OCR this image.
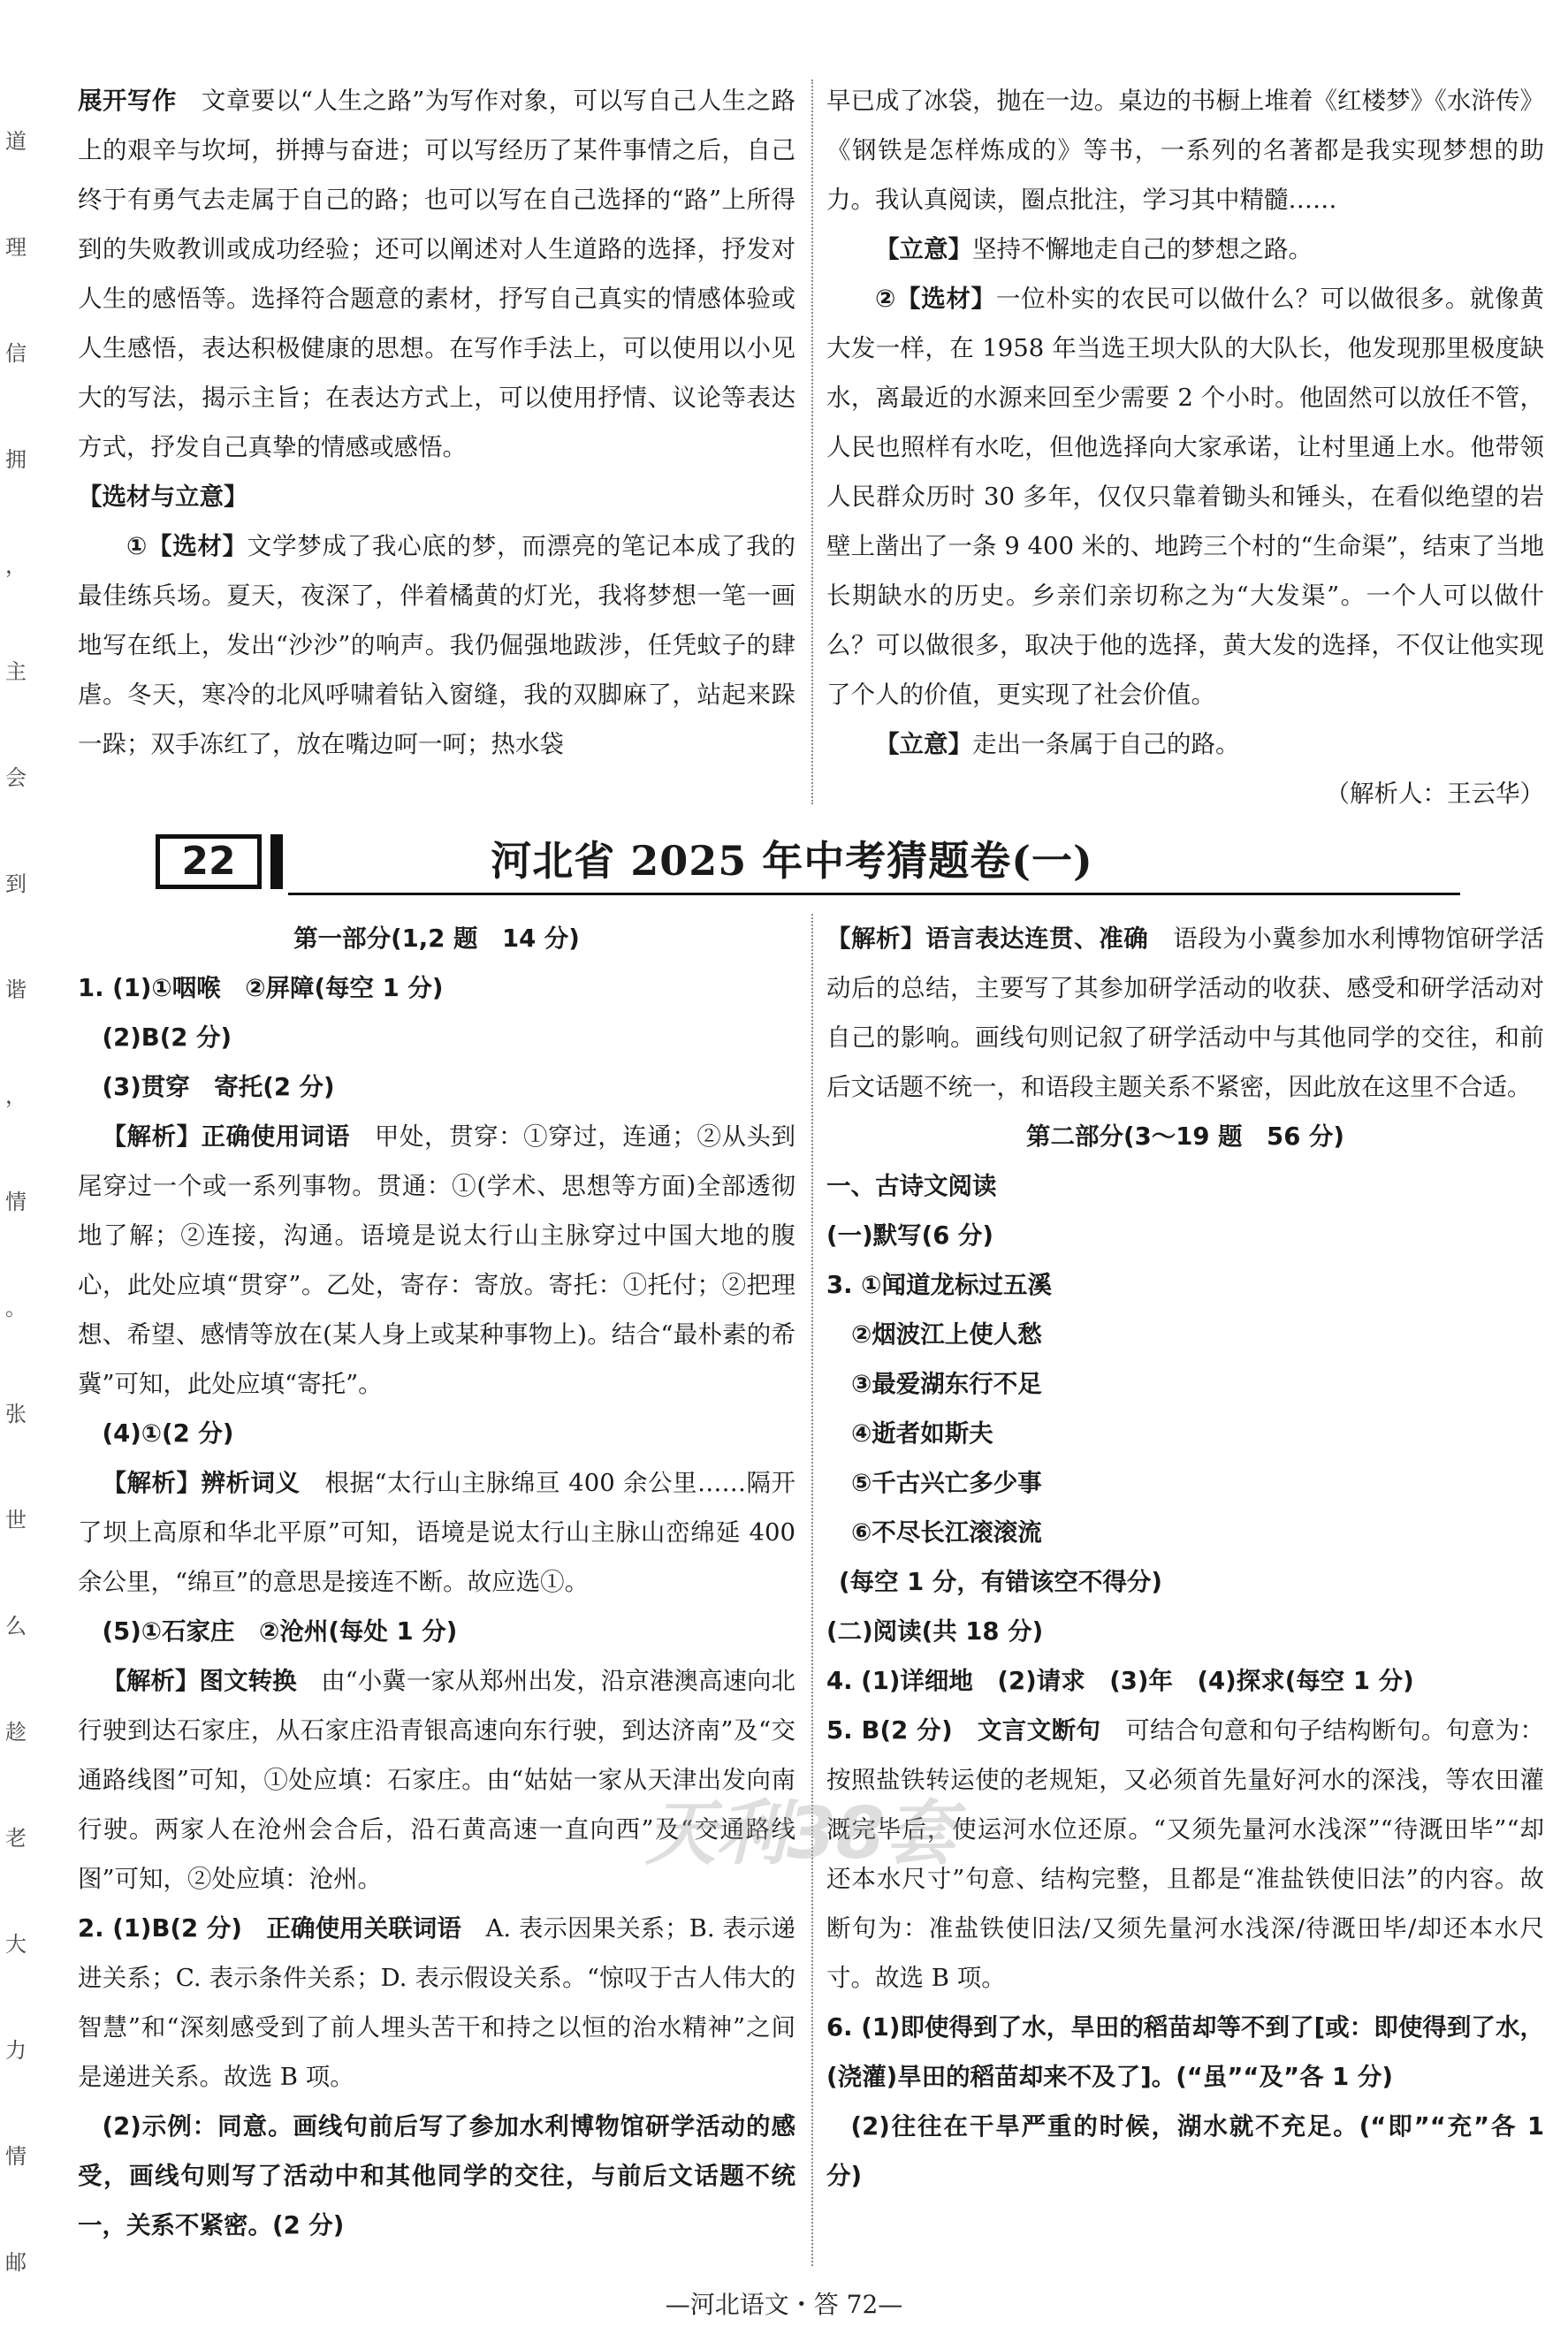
道
理
信
拥
，
主
会
到
谐
，
情
。
张
世
么
趁
老
大
力
情
邮

展开写作　 文章要以“人生之路”为写作对象，可以写自己人生之路上的艰辛与坎坷，拼搏与奋进；可以写经历了某件事情之后，自己终于有勇气去走属于自己的路；也可以写在自己选择的“路”上所得到的失败教训或成功经验；还可以阐述对人生道路的选择，抒发对人生的感悟等。选择符合题意的素材，抒写自己真实的情感体验或人生感悟，表达积极健康的思想。在写作手法上，可以使用以小见大的写法，揭示主旨；在表达方式上，可以使用抒情、议论等表达方式，抒发自己真挚的情感或感悟。

【选材与立意】

①【选材】文学梦成了我心底的梦，而漂亮的笔记本成了我的最佳练兵场。夏天，夜深了，伴着橘黄的灯光，我将梦想一笔一画地写在纸上，发出“沙沙”的响声。我仍倔强地跋涉，任凭蚊子的肆虐。冬天，寒冷的北风呼啸着钻入窗缝，我的双脚麻了，站起来跺一跺；双手冻红了，放在嘴边呵一呵；热水袋

早已成了冰袋，抛在一边。桌边的书橱上堆着《红楼梦》《水浒传》《钢铁是怎样炼成的》等书，一系列的名著都是我实现梦想的助力。我认真阅读，圈点批注，学习其中精髓……

【立意】坚持不懈地走自己的梦想之路。

②【选材】一位朴实的农民可以做什么？可以做很多。就像黄大发一样，在 1958 年当选王坝大队的大队长，他发现那里极度缺水，离最近的水源来回至少需要 2 个小时。他固然可以放任不管，人民也照样有水吃，但他选择向大家承诺，让村里通上水。他带领人民群众历时 30 多年，仅仅只靠着锄头和锤头，在看似绝望的岩壁上凿出了一条 9 400 米的、地跨三个村的“生命渠”，结束了当地长期缺水的历史。乡亲们亲切称之为“大发渠”。一个人可以做什么？可以做很多，取决于他的选择，黄大发的选择，不仅让他实现了个人的价值，更实现了社会价值。

【立意】走出一条属于自己的路。

（解析人：王云华）

22	河北省 2025 年中考猜题卷(一)

第一部分(1,2 题　14 分)

1. (1)①咽喉　②屏障(每空 1 分)

(2)B(2 分)

(3)贯穿　寄托(2 分)

【解析】正确使用词语　 甲处，贯穿：①穿过，连通；②从头到尾穿过一个或一系列事物。贯通：①(学术、思想等方面)全部透彻地了解；②连接，沟通。语境是说太行山主脉穿过中国大地的腹心，此处应填“贯穿”。乙处，寄存：寄放。寄托：①托付；②把理想、希望、感情等放在(某人身上或某种事物上)。结合“最朴素的希冀”可知，此处应填“寄托”。

(4)①(2 分)

【解析】辨析词义　 根据“太行山主脉绵亘 400 余公里……隔开了坝上高原和华北平原”可知，语境是说太行山主脉山峦绵延 400 余公里，“绵亘”的意思是接连不断。故应选①。

(5)①石家庄　②沧州(每处 1 分)

【解析】图文转换　 由“小冀一家从郑州出发，沿京港澳高速向北行驶到达石家庄，从石家庄沿青银高速向东行驶，到达济南”及“交通路线图”可知，①处应填：石家庄。由“姑姑一家从天津出发向南行驶。两家人在沧州会合后，沿石黄高速一直向西”及“交通路线图”可知，②处应填：沧州。

2. (1)B(2 分)　正确使用关联词语　 A. 表示因果关系；B. 表示递进关系；C. 表示条件关系；D. 表示假设关系。“惊叹于古人伟大的智慧”和“深刻感受到了前人埋头苦干和持之以恒的治水精神”之间是递进关系。故选 B 项。

(2)示例：同意。画线句前后写了参加水利博物馆研学活动的感受，画线句则写了活动中和其他同学的交往，与前后文话题不统一，关系不紧密。(2 分)

【解析】语言表达连贯、准确　 语段为小冀参加水利博物馆研学活动后的总结，主要写了其参加研学活动的收获、感受和研学活动对自己的影响。画线句则记叙了研学活动中与其他同学的交往，和前后文话题不统一，和语段主题关系不紧密，因此放在这里不合适。

第二部分(3～19 题　56 分)

一、古诗文阅读

(一)默写(6 分)

3. ①闻道龙标过五溪

②烟波江上使人愁

③最爱湖东行不足

④逝者如斯夫

⑤千古兴亡多少事

⑥不尽长江滚滚流

(每空 1 分，有错该空不得分)

(二)阅读(共 18 分)

4. (1)详细地　(2)请求　(3)年　(4)探求(每空 1 分)

5. B(2 分)　文言文断句　 可结合句意和句子结构断句。句意为：按照盐铁转运使的老规矩，又必须首先量好河水的深浅，等农田灌溉完毕后，使运河水位还原。“又须先量河水浅深”“待溉田毕”“却还本水尺寸”句意、结构完整，且都是“准盐铁使旧法”的内容。故断句为：准盐铁使旧法/又须先量河水浅深/待溉田毕/却还本水尺寸。故选 B 项。

6. (1)即使得到了水，旱田的稻苗却等不到了[或：即使得到了水，(浇灌)旱田的稻苗却来不及了]。(“虽”“及”各 1 分)

(2)往往在干旱严重的时候，湖水就不充足。(“即”“充”各 1 分)

天利38套
—河北语文・答 72—
